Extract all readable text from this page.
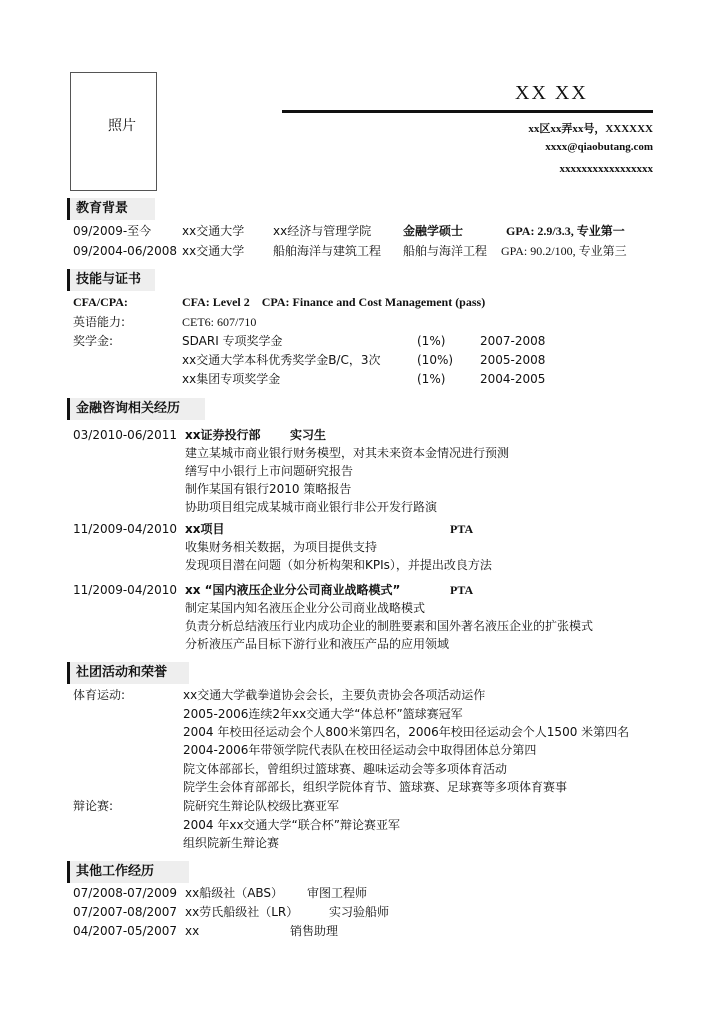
照片
XX XX
xx区xx弄xx号，XXXXXX
xxxx@qiaobutang.com
xxxxxxxxxxxxxxxxx
教育背景
09/2009-至今	xx交通大学 xx经济与管理学院	金融学硕士	GPA: 2.9/3.3, 专业第一
09/2004-06/2008 xx交通大学 船舶海洋与建筑工程 船舶与海洋工程 GPA: 90.2/100, 专业第三
技能与证书
CFA/CPA:	CFA: Level 2    CPA: Finance and Cost Management (pass)
英语能力:	CET6: 607/710
奖学金:	SDARI 专项奖学金	(1%)	2007-2008
xx交通大学本科优秀奖学金B/C，3次	(10%) 2005-2008
xx集团专项奖学金	(1%)	2004-2005
金融咨询相关经历
03/2010-06/2011 xx证券投行部 实习生
建立某城市商业银行财务模型，对其未来资本金情况进行预测
缮写中小银行上市问题研究报告
制作某国有银行2010 策略报告
协助项目组完成某城市商业银行非公开发行路演
11/2009-04/2010 xx项目	PTA
收集财务相关数据，为项目提供支持
发现项目潜在问题（如分析构架和KPIs），并提出改良方法
11/2009-04/2010 xx “国内液压企业分公司商业战略模式”	PTA
制定某国内知名液压企业分公司商业战略模式
负责分析总结液压行业内成功企业的制胜要素和国外著名液压企业的扩张模式
分析液压产品目标下游行业和液压产品的应用领域
社团活动和荣誉
体育运动:	xx交通大学截拳道协会会长，主要负责协会各项活动运作
2005-2006连续2年xx交通大学“体总杯”篮球赛冠军
2004 年校田径运动会个人800米第四名，2006年校田径运动会个人1500 米第四名
2004-2006年带领学院代表队在校田径运动会中取得团体总分第四
院文体部部长，曾组织过篮球赛、趣味运动会等多项体育活动
院学生会体育部部长，组织学院体育节、篮球赛、足球赛等多项体育赛事
辩论赛:	院研究生辩论队校级比赛亚军
2004 年xx交通大学“联合杯”辩论赛亚军
组织院新生辩论赛
其他工作经历
07/2008-07/2009 xx船级社（ABS） 审图工程师
07/2007-08/2007 xx劳氏船级社（LR）	实习验船师
04/2007-05/2007 xx	销售助理
